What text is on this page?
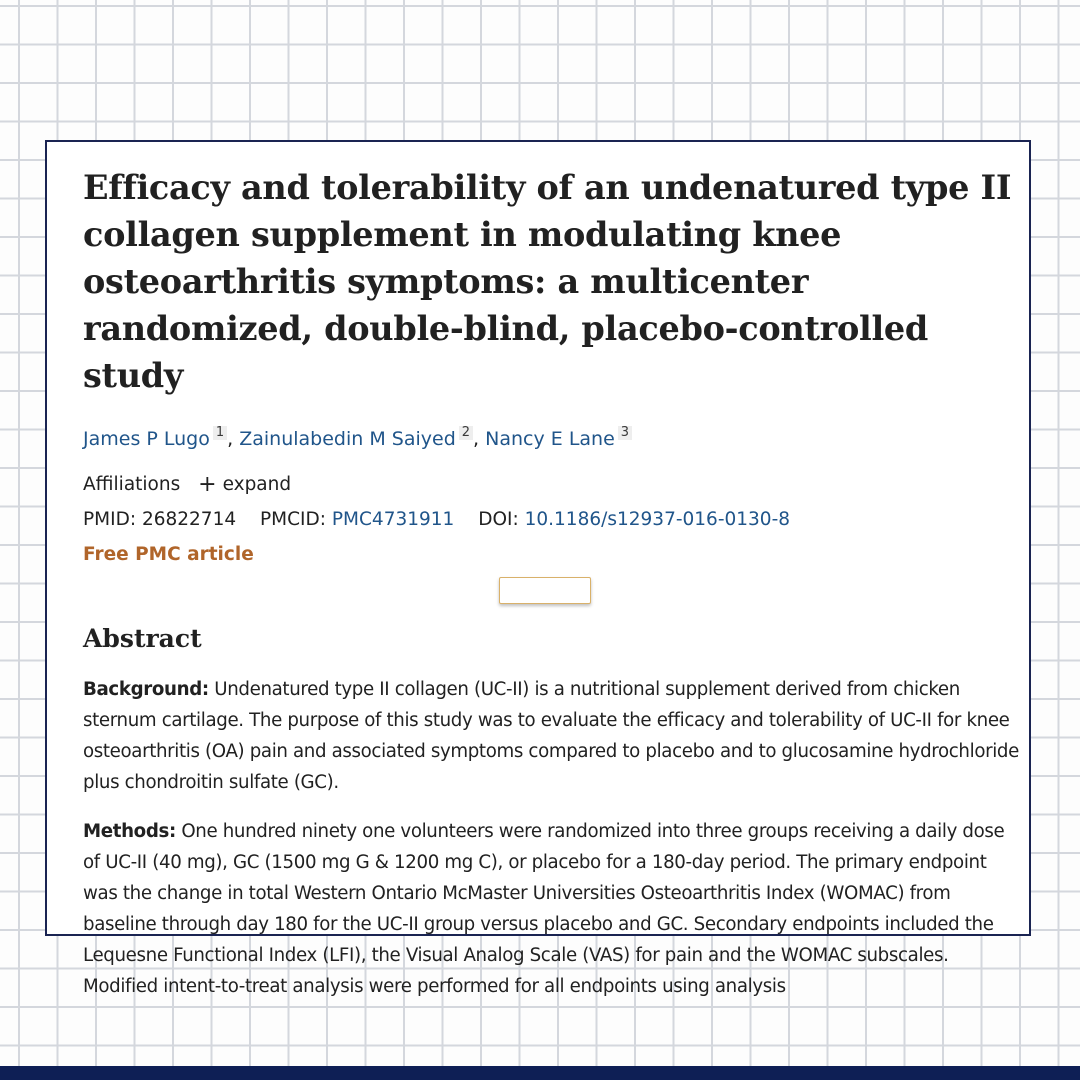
Efficacy and tolerability of an undenatured type II collagen supplement in modulating knee osteoarthritis symptoms: a multicenter randomized, double-blind, placebo-controlled study
James P Lugo 1 , Zainulabedin M Saiyed 2 , Nancy E Lane 3
Affiliations + expand
PMID: 26822714 PMCID: PMC4731911 DOI: 10.1186/s12937-016-0130-8
Free PMC article
Abstract

Background: Undenatured type II collagen (UC-II) is a nutritional supplement derived from chicken sternum cartilage. The purpose of this study was to evaluate the efficacy and tolerability of UC-II for knee osteoarthritis (OA) pain and associated symptoms compared to placebo and to glucosamine hydrochloride plus chondroitin sulfate (GC).

Methods: One hundred ninety one volunteers were randomized into three groups receiving a daily dose of UC-II (40 mg), GC (1500 mg G & 1200 mg C), or placebo for a 180-day period. The primary endpoint was the change in total Western Ontario McMaster Universities Osteoarthritis Index (WOMAC) from baseline through day 180 for the UC-II group versus placebo and GC. Secondary endpoints included the Lequesne Functional Index (LFI), the Visual Analog Scale (VAS) for pain and the WOMAC subscales. Modified intent-to-treat analysis were performed for all endpoints using analysis
